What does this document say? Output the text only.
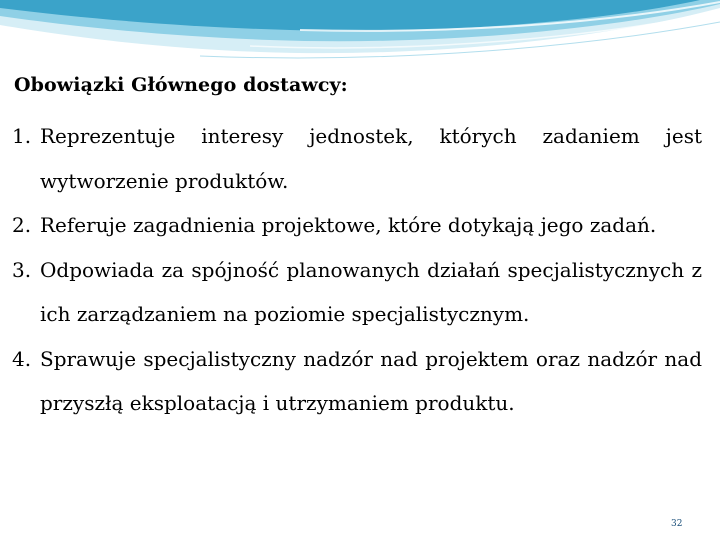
Obowiązki Głównego dostawcy:
1. Reprezentuje interesy jednostek, których zadaniem jest wytworzenie produktów.
2. Referuje zagadnienia projektowe, które dotykają jego zadań.
3. Odpowiada za spójność planowanych działań specjalistycznych z ich zarządzaniem na poziomie specjalistycznym.
4. Sprawuje specjalistyczny nadzór nad projektem oraz nadzór nad przyszłą eksploatacją i utrzymaniem produktu.
32
